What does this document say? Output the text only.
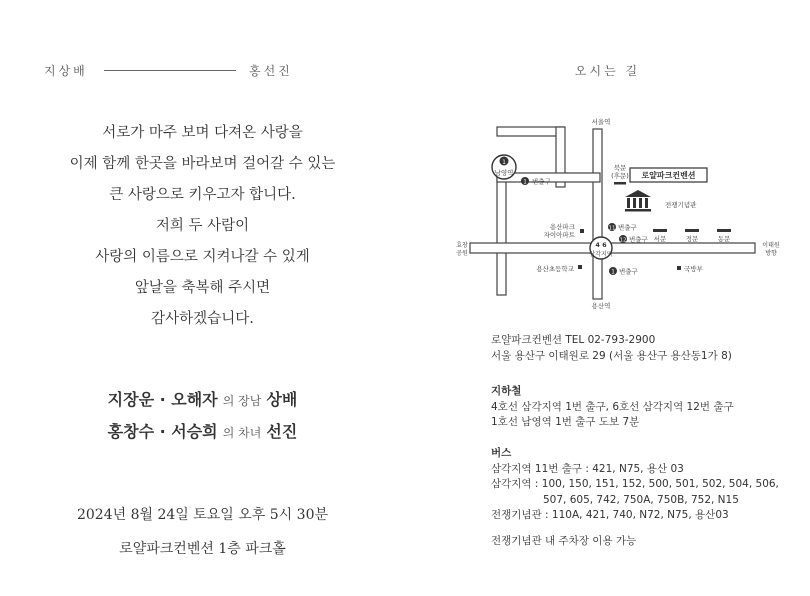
지상배	홍선진
서로가 마주 보며 다져온 사랑을
이제 함께 한곳을 바라보며 걸어갈 수 있는
큰 사랑으로 키우고자 합니다.
저희 두 사람이
사랑의 이름으로 지켜나갈 수 있게
앞날을 축복해 주시면
감사하겠습니다.
지장운 · 오해자 의 장남 상배
홍창수 · 서승희 의 차녀 선진
2024년 8월 24일 토요일 오후 5시 30분
로얄파크컨벤션 1층 파크홀
오시는 길
1
남영역
1 번출구
서울역
북문
(후문) 로얄파크컨벤션
전쟁기념관
용산파크
자이아파트
11 번출구
12 번출구
4 6
삼각지역
서문	정문	동문
효창
공원
이태원
방향
용산초등학교	1 번출구	국방부
용산역
로얄파크컨벤션 TEL 02-793-2900
서울 용산구 이태원로 29 (서울 용산구 용산동1가 8)
지하철
4호선 삼각지역 1번 출구, 6호선 삼각지역 12번 출구
1호선 남영역 1번 출구 도보 7분
버스
삼각지역 11번 출구 : 421, N75, 용산 03
삼각지역 : 100, 150, 151, 152, 500, 501, 502, 504, 506,
507, 605, 742, 750A, 750B, 752, N15
전쟁기념관 : 110A, 421, 740, N72, N75, 용산03
전쟁기념관 내 주차장 이용 가능
